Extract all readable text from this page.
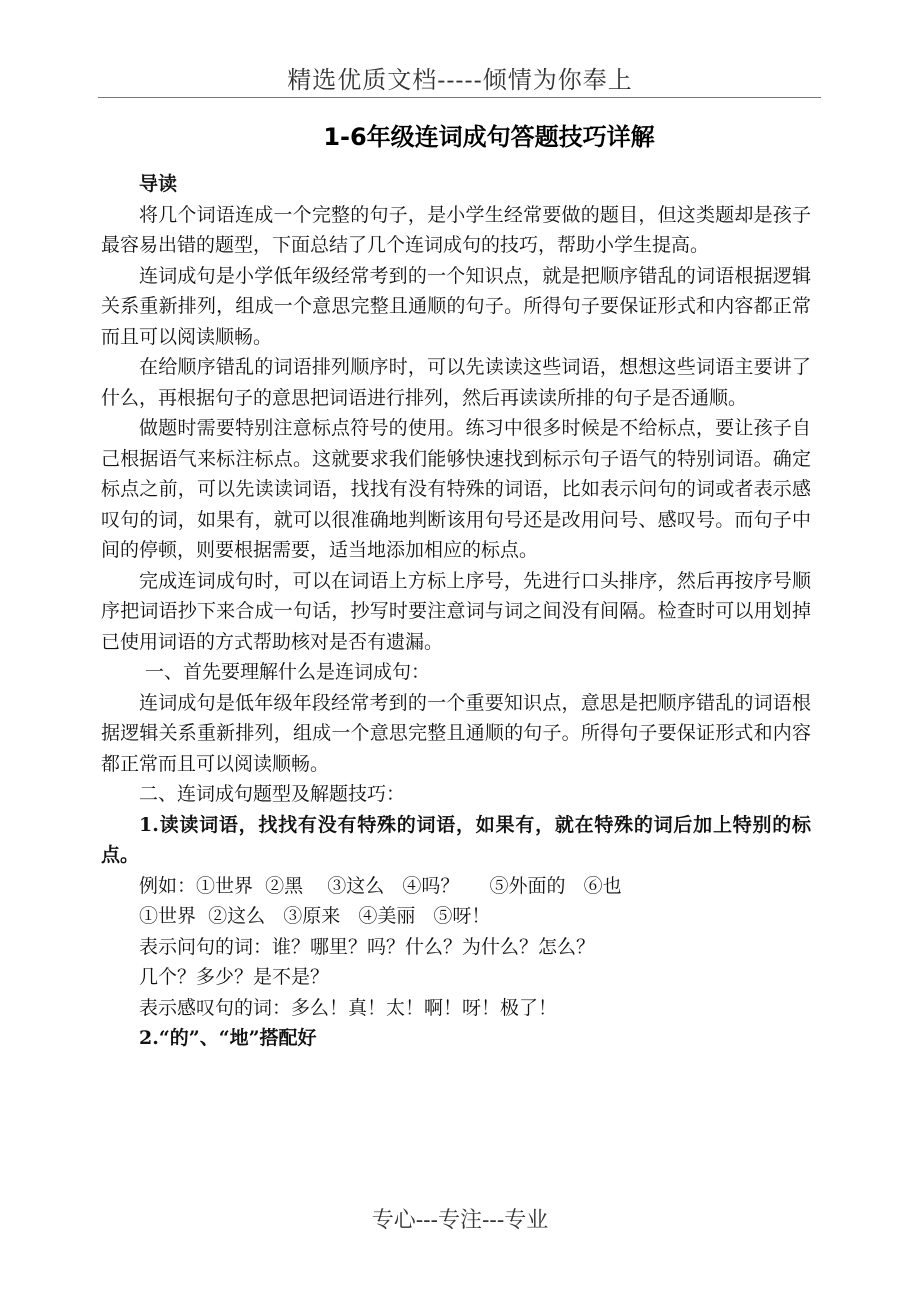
精选优质文档-----倾情为你奉上
1-6年级连词成句答题技巧详解

导读

将几个词语连成一个完整的句子，是小学生经常要做的题目，但这类题却是孩子最容易出错的题型，下面总结了几个连词成句的技巧，帮助小学生提高。

连词成句是小学低年级经常考到的一个知识点，就是把顺序错乱的词语根据逻辑关系重新排列，组成一个意思完整且通顺的句子。所得句子要保证形式和内容都正常而且可以阅读顺畅。

在给顺序错乱的词语排列顺序时，可以先读读这些词语，想想这些词语主要讲了什么，再根据句子的意思把词语进行排列，然后再读读所排的句子是否通顺。

做题时需要特别注意标点符号的使用。练习中很多时候是不给标点，要让孩子自己根据语气来标注标点。这就要求我们能够快速找到标示句子语气的特别词语。确定标点之前，可以先读读词语，找找有没有特殊的词语，比如表示问句的词或者表示感叹句的词，如果有，就可以很准确地判断该用句号还是改用问号、感叹号。而句子中间的停顿，则要根据需要，适当地添加相应的标点。

完成连词成句时，可以在词语上方标上序号，先进行口头排序，然后再按序号顺序把词语抄下来合成一句话，抄写时要注意词与词之间没有间隔。检查时可以用划掉已使用词语的方式帮助核对是否有遗漏。

一、首先要理解什么是连词成句：

连词成句是低年级年段经常考到的一个重要知识点，意思是把顺序错乱的词语根据逻辑关系重新排列，组成一个意思完整且通顺的句子。所得句子要保证形式和内容都正常而且可以阅读顺畅。

二、连词成句题型及解题技巧：

1.读读词语，找找有没有特殊的词语，如果有，就在特殊的词后加上特别的标点。

例如：①世界  ②黑    ③这么   ④吗？     ⑤外面的   ⑥也

①世界  ②这么   ③原来   ④美丽   ⑤呀！

表示问句的词：谁？哪里？吗？什么？为什么？怎么？

几个？多少？是不是？

表示感叹句的词：多么！真！太！啊！呀！极了！

2.“的”、“地”搭配好

专心---专注---专业
